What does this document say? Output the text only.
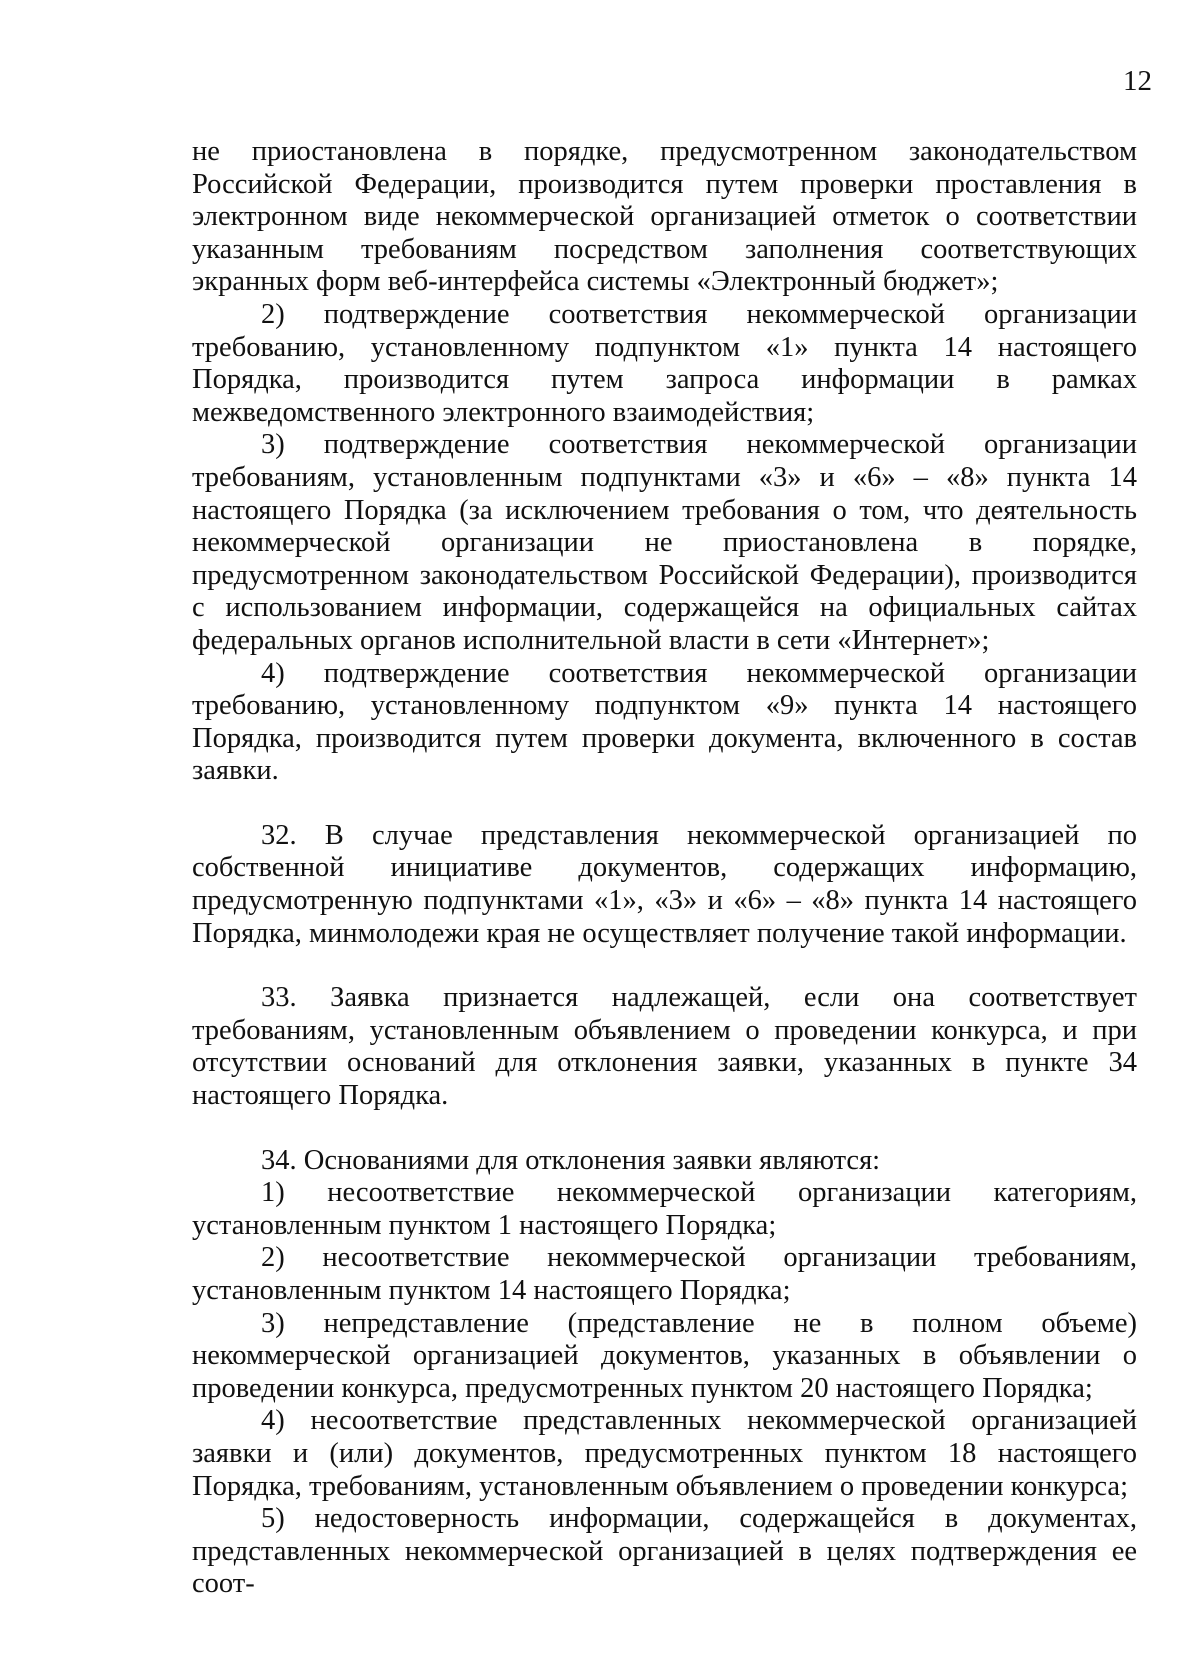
12

не приостановлена в порядке, предусмотренном законодательством Российской Федерации, производится путем проверки проставления в электронном виде некоммерческой организацией отметок о соответствии указанным требованиям посредством заполнения соответствующих экранных форм веб-интерфейса системы «Электронный бюджет»;

2) подтверждение соответствия некоммерческой организации требованию, установленному подпунктом «1» пункта 14 настоящего Порядка, производится путем запроса информации в рамках межведомственного электронного взаимодействия;

3) подтверждение соответствия некоммерческой организации требованиям, установленным подпунктами «3» и «6» – «8» пункта 14 настоящего Порядка (за исключением требования о том, что деятельность некоммерческой организации не приостановлена в порядке, предусмотренном законодательством Российской Федерации), производится с использованием информации, содержащейся на официальных сайтах федеральных органов исполнительной власти в сети «Интернет»;

4) подтверждение соответствия некоммерческой организации требованию, установленному подпунктом «9» пункта 14 настоящего Порядка, производится путем проверки документа, включенного в состав заявки.

32. В случае представления некоммерческой организацией по собственной инициативе документов, содержащих информацию, предусмотренную подпунктами «1», «3» и «6» – «8» пункта 14 настоящего Порядка, минмолодежи края не осуществляет получение такой информации.

33. Заявка признается надлежащей, если она соответствует требованиям, установленным объявлением о проведении конкурса, и при отсутствии оснований для отклонения заявки, указанных в пункте 34 настоящего Порядка.

34. Основаниями для отклонения заявки являются:

1) несоответствие некоммерческой организации категориям, установленным пунктом 1 настоящего Порядка;

2) несоответствие некоммерческой организации требованиям, установленным пунктом 14 настоящего Порядка;

3) непредставление (представление не в полном объеме) некоммерческой организацией документов, указанных в объявлении о проведении конкурса, предусмотренных пунктом 20 настоящего Порядка;

4) несоответствие представленных некоммерческой организацией заявки и (или) документов, предусмотренных пунктом 18 настоящего Порядка, требованиям, установленным объявлением о проведении конкурса;

5) недостоверность информации, содержащейся в документах, представленных некоммерческой организацией в целях подтверждения ее соот-
